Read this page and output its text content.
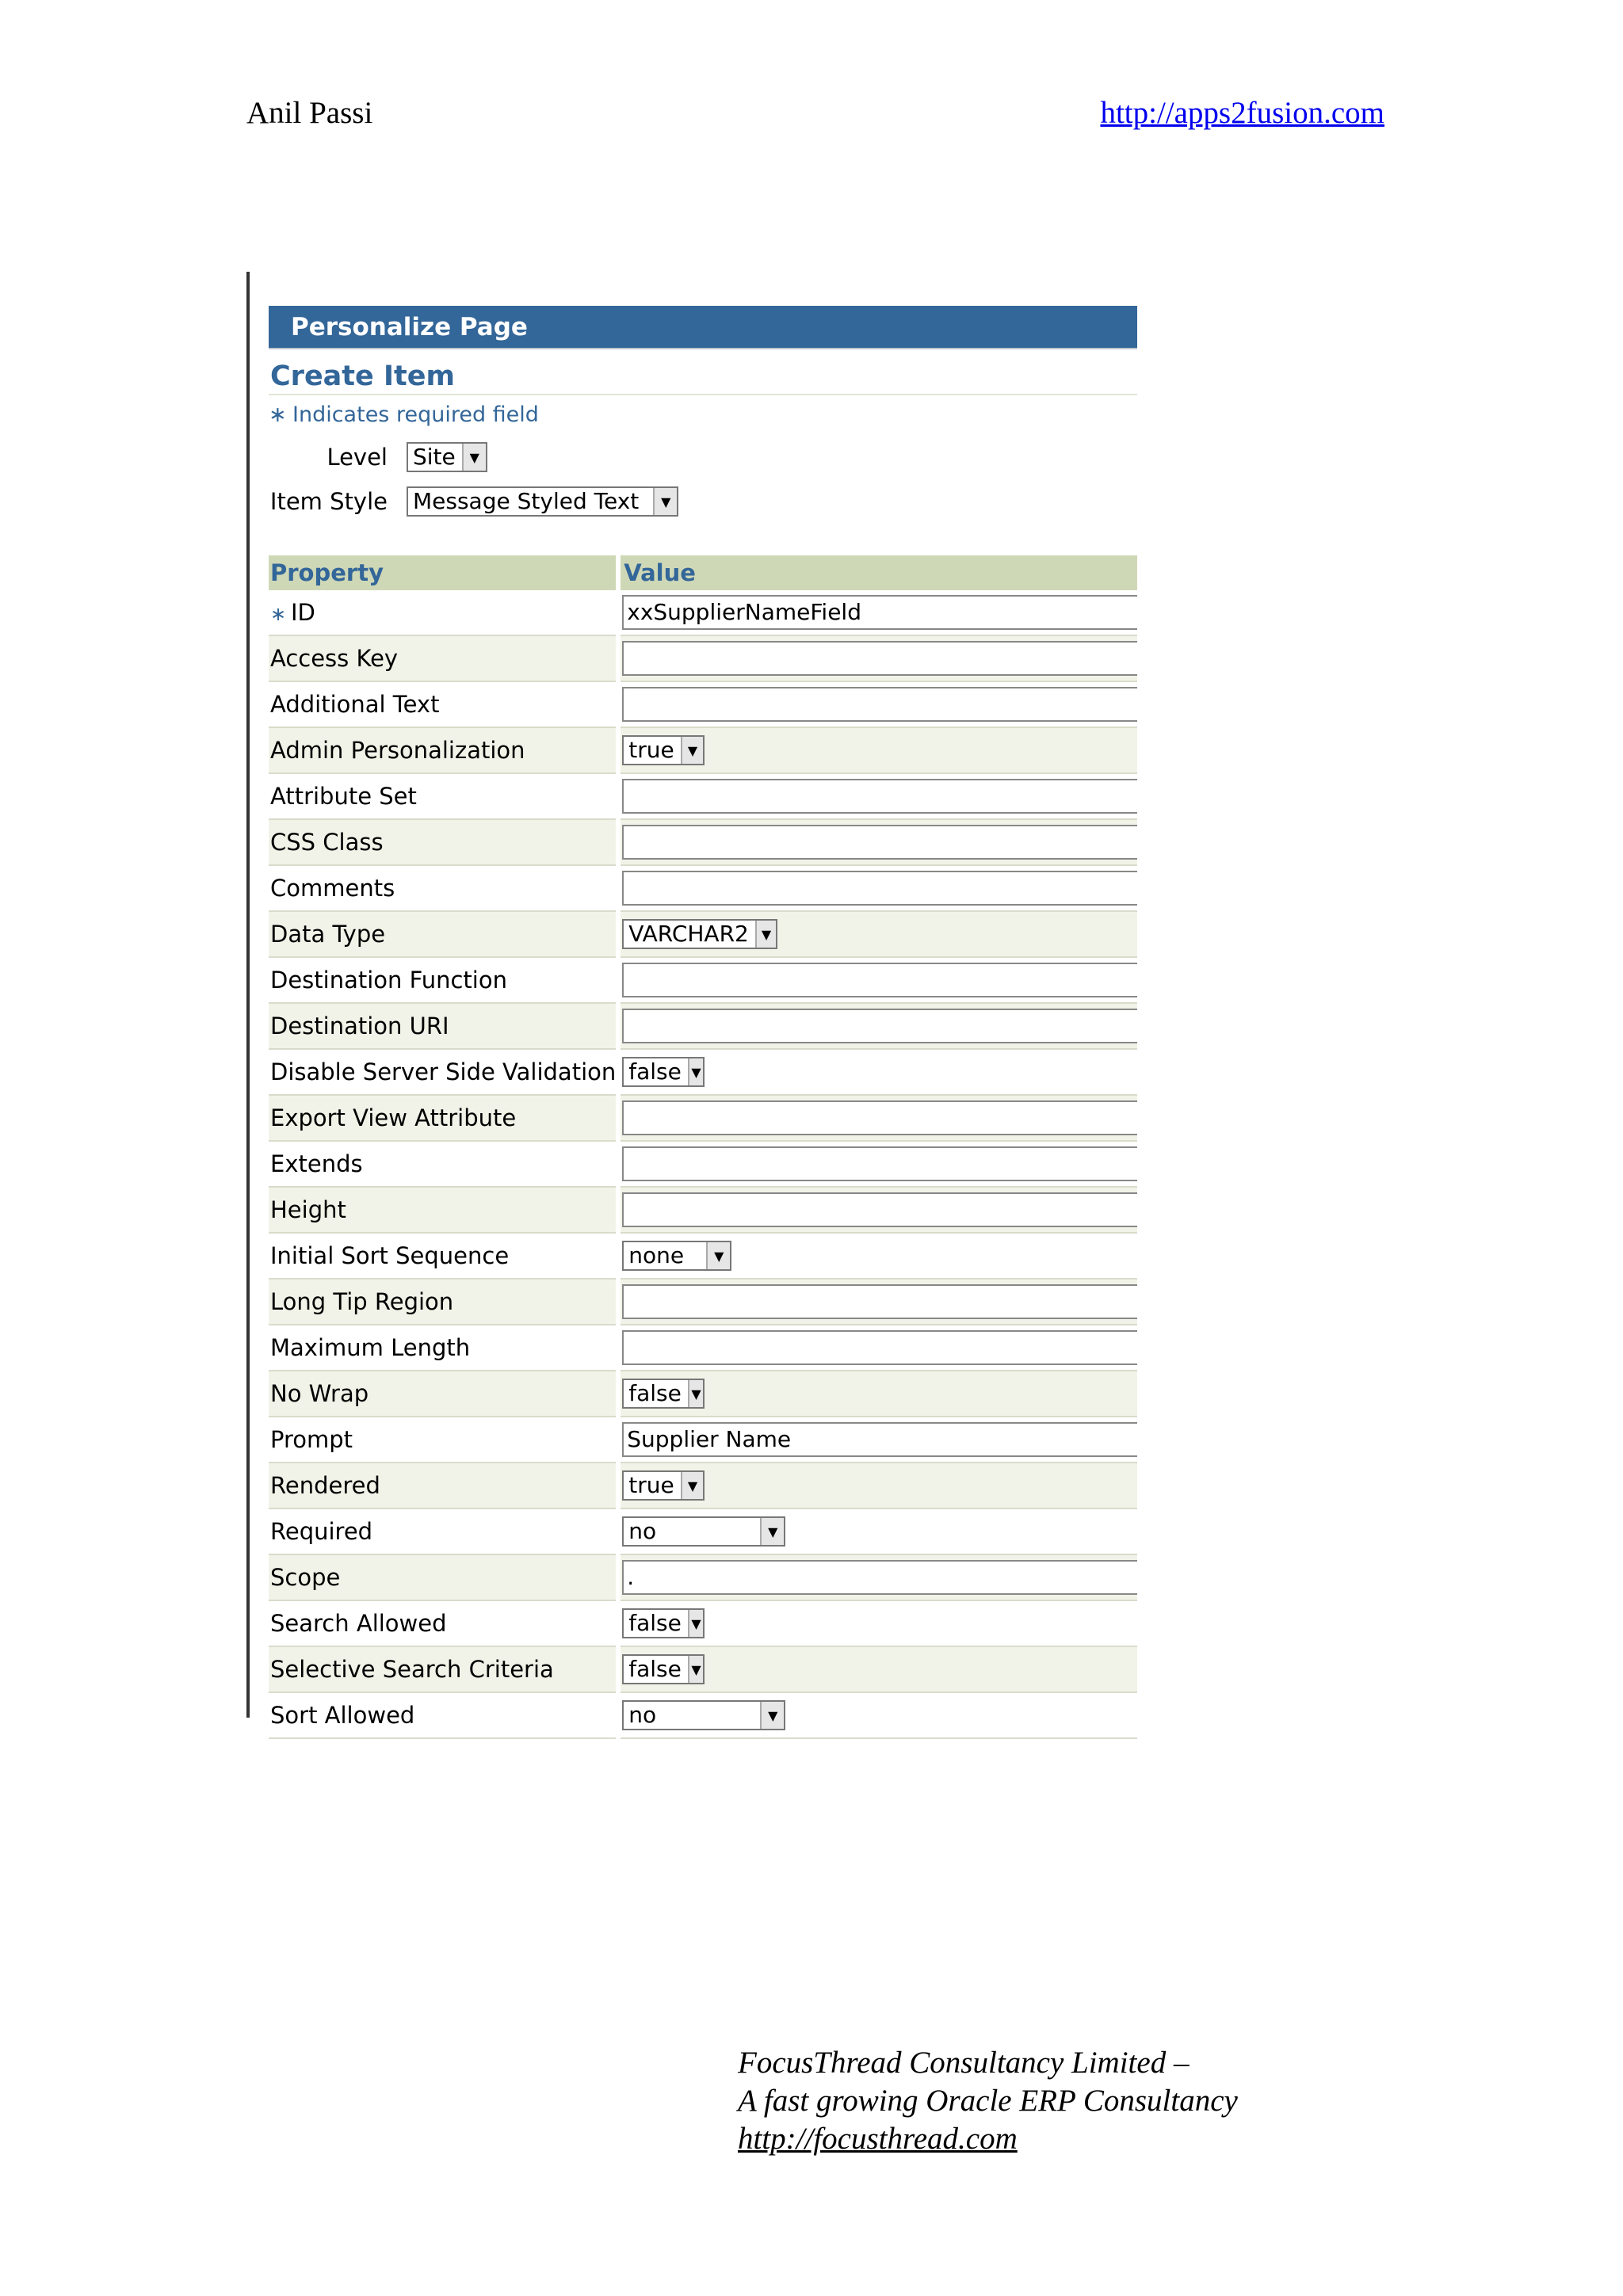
Anil Passi	http://apps2fusion.com
Personalize Page
Create Item
∗ Indicates required field
Level	Site	▼
Item Style	Message Styled Text	▼
Property	Value
∗ ID	xxSupplierNameField

Access Key	

Additional Text	

Admin Personalization	true ▼

Attribute Set	

CSS Class	

Comments	

Data Type	VARCHAR2 ▼

Destination Function	

Destination URI	

Disable Server Side Validation	false ▼

Export View Attribute	

Extends	

Height	

Initial Sort Sequence	none ▼

Long Tip Region	

Maximum Length	

No Wrap	false ▼

Prompt	Supplier Name

Rendered	true ▼

Required	no ▼

Scope	.

Search Allowed	false ▼

Selective Search Criteria	false ▼

Sort Allowed	no ▼
FocusThread Consultancy Limited –
A fast growing Oracle ERP Consultancy
http://focusthread.com
